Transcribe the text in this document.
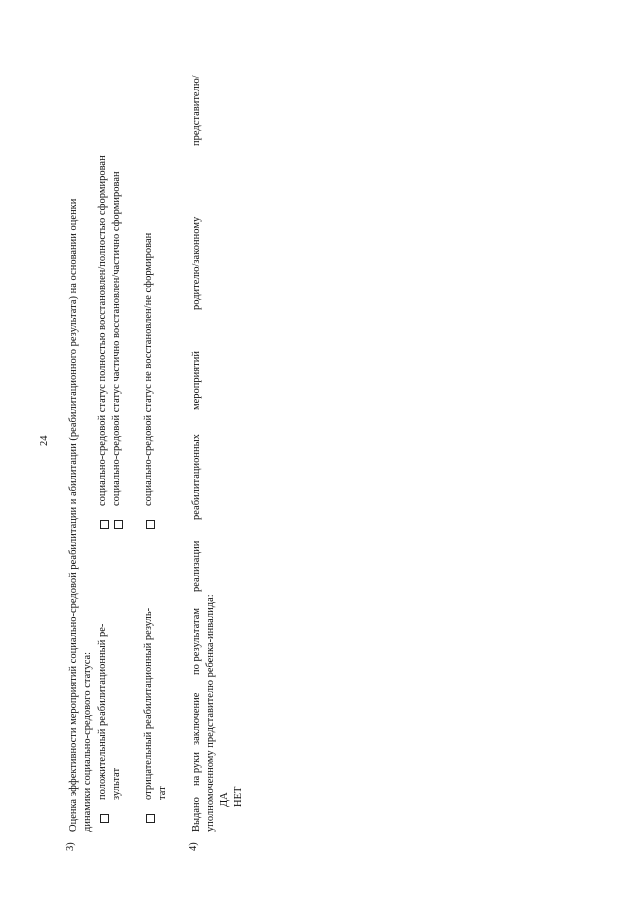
24
3)
Оценка эффективности мероприятий социально-средовой реабилитации и абилитации (реабилитационного результата) на основании оценки динамики социально-средового статуса: положительный реабилитационный ре- зультат
социально-средовой статус полностью восстановлен/полностью сформирован социально-средовой статус частично восстановлен/частично сформирован
отрицательный реабилитационный резуль- тат
социально-средовой статус не восстановлен/не сформирован
4)
Выдано
на руки
заключение
по результатам
реализации
реабилитационных
мероприятий
родителю/законному
представителю/
уполномоченному представителю ребенка-инвалида: ДА НЕТ
